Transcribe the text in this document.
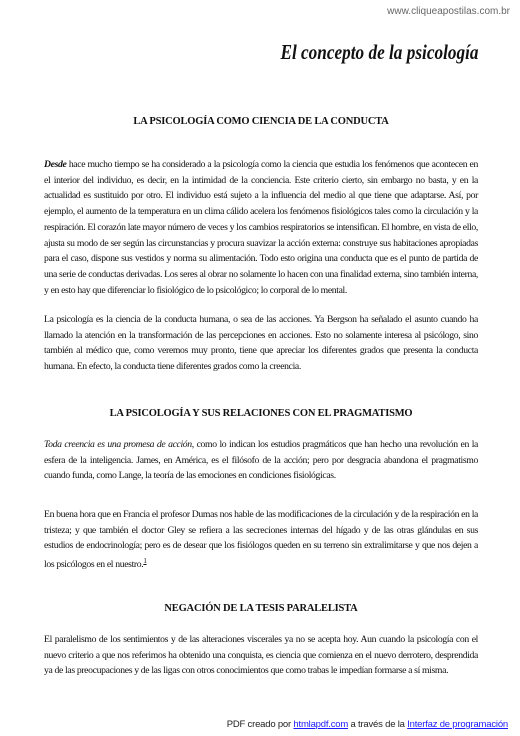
www.cliqueapostilas.com.br
El concepto de la psicología
LA PSICOLOGÍA COMO CIENCIA DE LA CONDUCTA
Desde hace mucho tiempo se ha considerado a la psicología como la ciencia que estudia los fenómenos que acontecen en el interior del individuo, es decir, en la intimidad de la conciencia. Este criterio cierto, sin embargo no basta, y en la actualidad es sustituido por otro. El individuo está sujeto a la influencia del medio al que tiene que adaptarse. Así, por ejemplo, el aumento de la temperatura en un clima cálido acelera los fenómenos fisiológicos tales como la circulación y la respiración. El corazón late mayor número de veces y los cambios respiratorios se intensifican. El hombre, en vista de ello, ajusta su modo de ser según las circunstancias y procura suavizar la acción externa: construye sus habitaciones apropiadas para el caso, dispone sus vestidos y norma su alimentación. Todo esto origina una conducta que es el punto de partida de una serie de conductas derivadas. Los seres al obrar no solamente lo hacen con una finalidad externa, sino también interna, y en esto hay que diferenciar lo fisiológico de lo psicológico; lo corporal de lo mental.
La psicología es la ciencia de la conducta humana, o sea de las acciones. Ya Bergson ha señalado el asunto cuando ha llamado la atención en la transformación de las percepciones en acciones. Esto no solamente interesa al psicólogo, sino también al médico que, como veremos muy pronto, tiene que apreciar los diferentes grados que presenta la conducta humana. En efecto, la conducta tiene diferentes grados como la creencia.
LA PSICOLOGÍA Y SUS RELACIONES CON EL PRAGMATISMO
Toda creencia es una promesa de acción, como lo indican los estudios pragmáticos que han hecho una revolución en la esfera de la inteligencia. James, en América, es el filósofo de la acción; pero por desgracia abandona el pragmatismo cuando funda, como Lange, la teoría de las emociones en condiciones fisiológicas.
En buena hora que en Francia el profesor Dumas nos hable de las modificaciones de la circulación y de la respiración en la tristeza; y que también el doctor Gley se refiera a las secreciones internas del hígado y de las otras glándulas en sus estudios de endocrinología; pero es de desear que los fisiólogos queden en su terreno sin extralimitarse y que nos dejen a los psicólogos en el nuestro.$^1$
NEGACIÓN DE LA TESIS PARALELISTA
El paralelismo de los sentimientos y de las alteraciones viscerales ya no se acepta hoy. Aun cuando la psicología con el nuevo criterio a que nos referimos ha obtenido una conquista, es ciencia que comienza en el nuevo derrotero, desprendida ya de las preocupaciones y de las ligas con otros conocimientos que como trabas le impedían formarse a sí misma.
PDF creado por htmlapdf.com a través de la Interfaz de programación
